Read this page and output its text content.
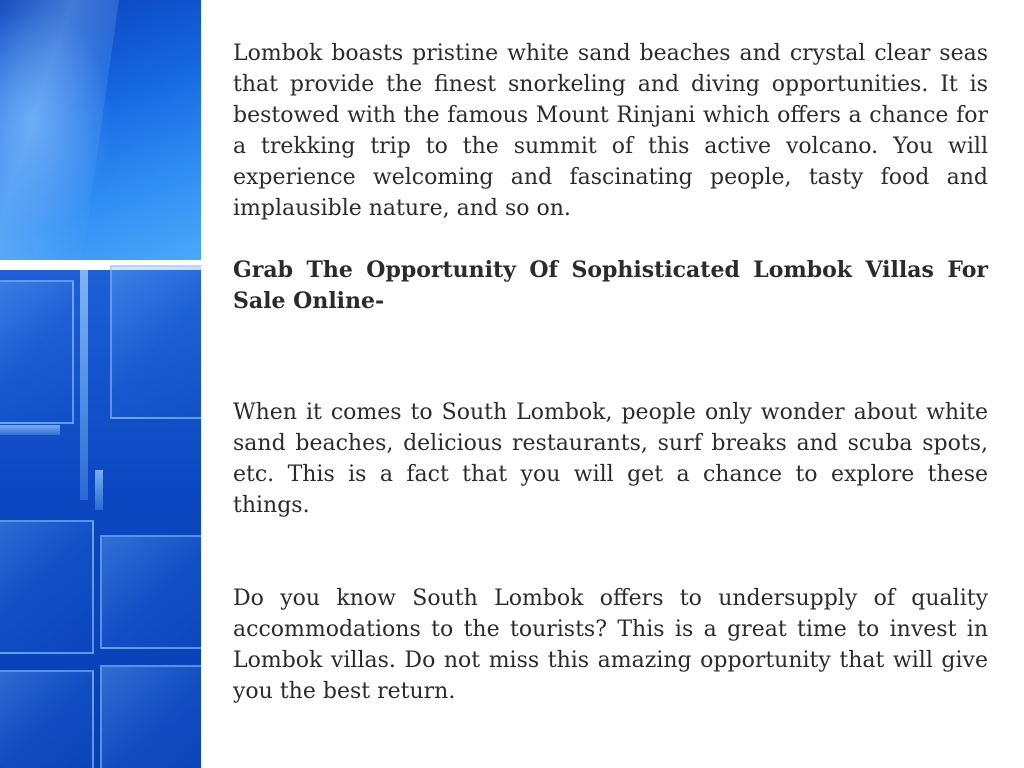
Lombok boasts pristine white sand beaches and crystal clear seas that provide the finest snorkeling and diving opportunities. It is bestowed with the famous Mount Rinjani which offers a chance for a trekking trip to the summit of this active volcano. You will experience welcoming and fascinating people, tasty food and implausible nature, and so on.

Grab The Opportunity Of Sophisticated Lombok Villas For Sale Online-

When it comes to South Lombok, people only wonder about white sand beaches, delicious restaurants, surf breaks and scuba spots, etc. This is a fact that you will get a chance to explore these things.

Do you know South Lombok offers to undersupply of quality accommodations to the tourists? This is a great time to invest in Lombok villas. Do not miss this amazing opportunity that will give you the best return.
